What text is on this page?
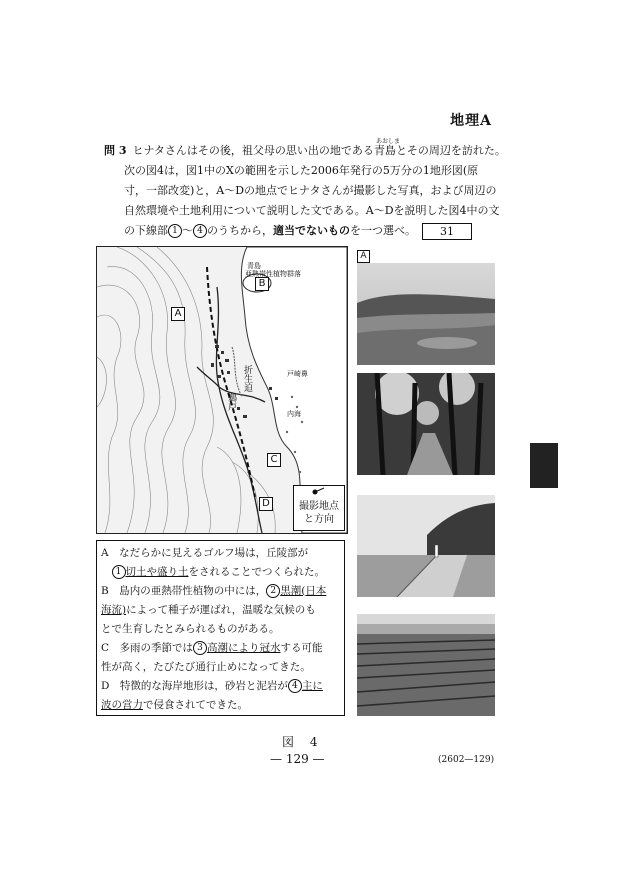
地理A

問 3 ヒナタさんはその後，祖父母の思い出の地である
あおしま
青島とその周辺を訪れた。

次の図4は，図1中のXの範囲を示した2006年発行の5万分の1地形図(原

寸，一部改変)と，A～Dの地点でヒナタさんが撮影した写真，および周辺の

自然環境や土地利用について説明した文である。A～Dを説明した図4中の文

の下線部 1 ～ 4 のうちから，適当でないものを一つ選べ。 31

A
B
C
D
青島
亜熱帯性植物群落
折生迫
鵜戸
戸崎鼻
内海
撮影地点
と方向
A

A　 なだらかに見えるゴルフ場は，丘陵部が
　1 切土や盛り土をされることでつくられた。

B　 島内の亜熱帯性植物の中には， 2 黒潮(日本
海流)によって種子が運ばれ，温暖な気候のも
とで生育したとみられるものがある。

C　 多雨の季節では 3 高潮により冠水する可能
性が高く，たびたび通行止めになってきた。

D　 特徴的な海岸地形は，砂岩と泥岩が 4 主に
波の営力で侵食されてできた。

図 4
— 129 —	(2602—129)
